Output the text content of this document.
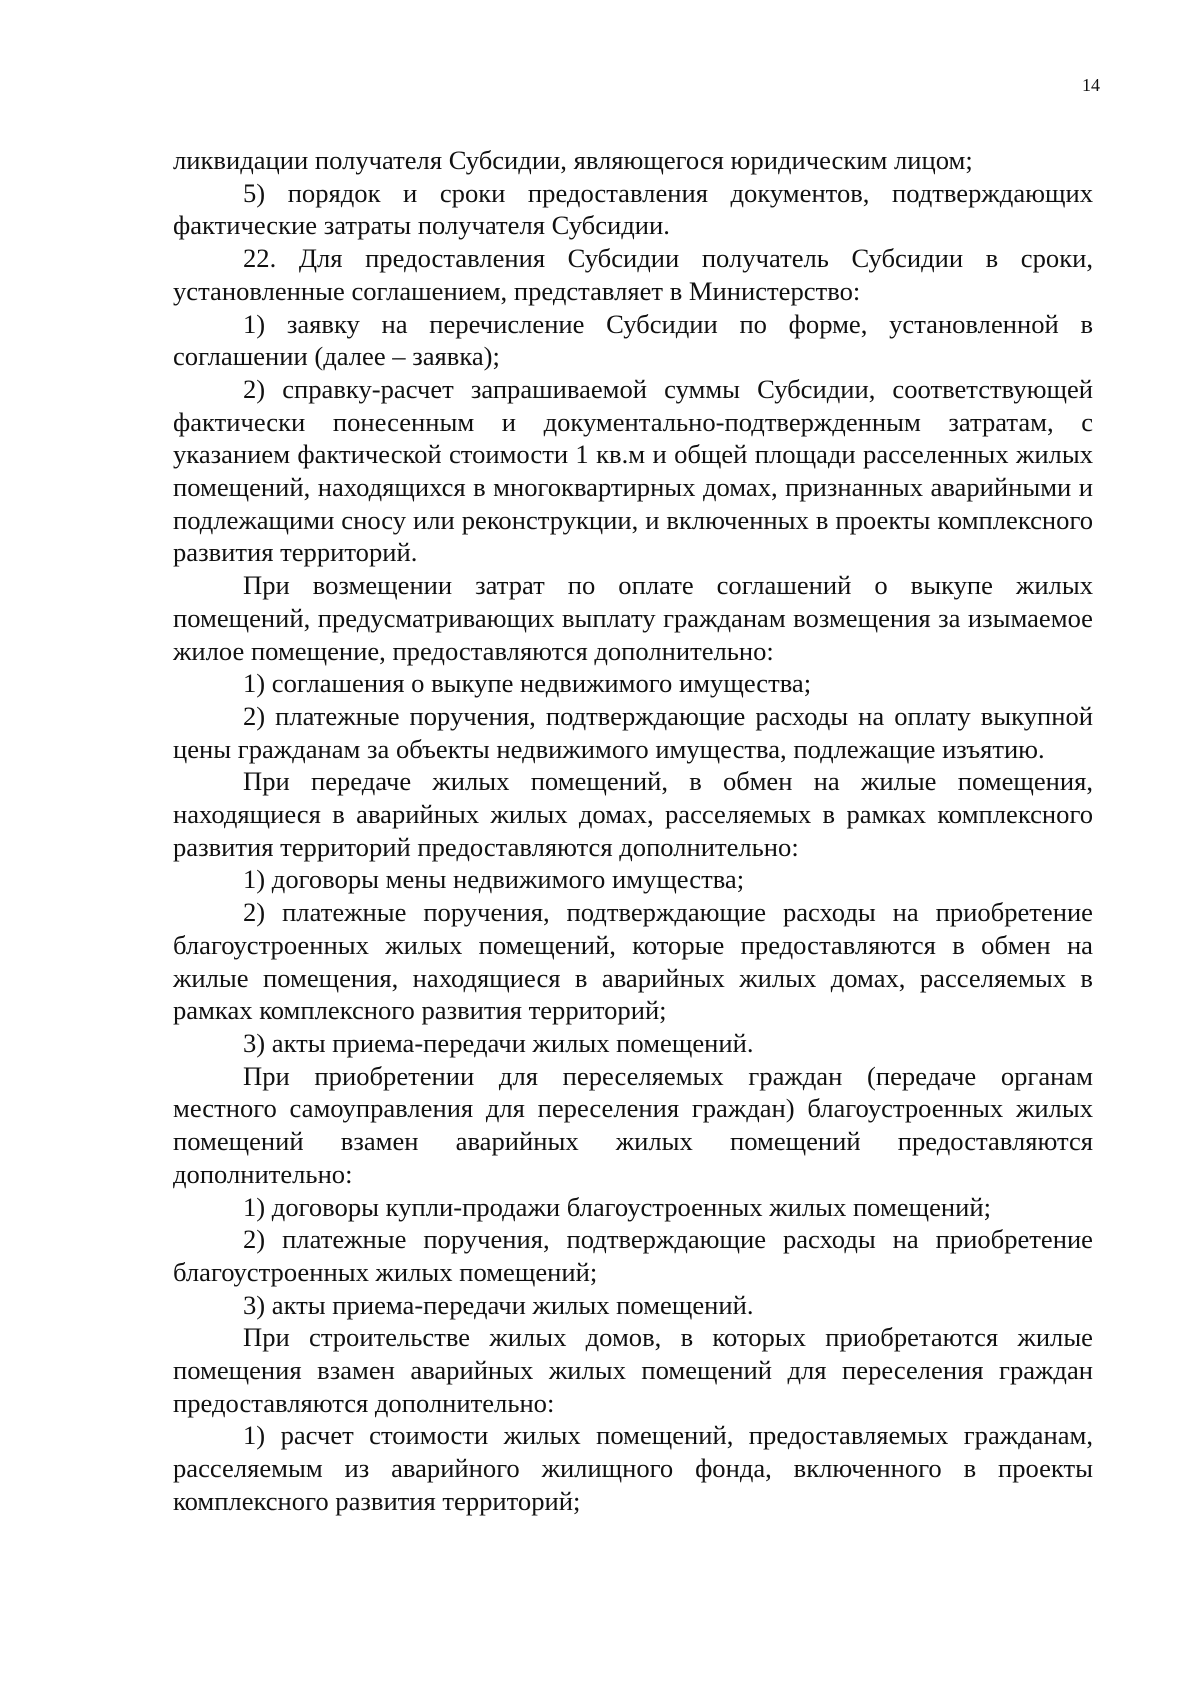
14

ликвидации получателя Субсидии, являющегося юридическим лицом;

5) порядок и сроки предоставления документов, подтверждающих фактические затраты получателя Субсидии.

22. Для предоставления Субсидии получатель Субсидии в сроки, установленные соглашением, представляет в Министерство:

1) заявку на перечисление Субсидии по форме, установленной в соглашении (далее – заявка);

2) справку-расчет запрашиваемой суммы Субсидии, соответствующей фактически понесенным и документально-подтвержденным затратам, с указанием фактической стоимости 1 кв.м и общей площади расселенных жилых помещений, находящихся в многоквартирных домах, признанных аварийными и подлежащими сносу или реконструкции, и включенных в проекты комплексного развития территорий.

При возмещении затрат по оплате соглашений о выкупе жилых помещений, предусматривающих выплату гражданам возмещения за изымаемое жилое помещение, предоставляются дополнительно:

1) соглашения о выкупе недвижимого имущества;

2) платежные поручения, подтверждающие расходы на оплату выкупной цены гражданам за объекты недвижимого имущества, подлежащие изъятию.

При передаче жилых помещений, в обмен на жилые помещения, находящиеся в аварийных жилых домах, расселяемых в рамках комплексного развития территорий предоставляются дополнительно:

1) договоры мены недвижимого имущества;

2) платежные поручения, подтверждающие расходы на приобретение благоустроенных жилых помещений, которые предоставляются в обмен на жилые помещения, находящиеся в аварийных жилых домах, расселяемых в рамках комплексного развития территорий;

3) акты приема-передачи жилых помещений.

При приобретении для переселяемых граждан (передаче органам местного самоуправления для переселения граждан) благоустроенных жилых помещений взамен аварийных жилых помещений предоставляются дополнительно:

1) договоры купли-продажи благоустроенных жилых помещений;

2) платежные поручения, подтверждающие расходы на приобретение благоустроенных жилых помещений;

3) акты приема-передачи жилых помещений.

При строительстве жилых домов, в которых приобретаются жилые помещения взамен аварийных жилых помещений для переселения граждан предоставляются дополнительно:

1) расчет стоимости жилых помещений, предоставляемых гражданам, расселяемым из аварийного жилищного фонда, включенного в проекты комплексного развития территорий;
